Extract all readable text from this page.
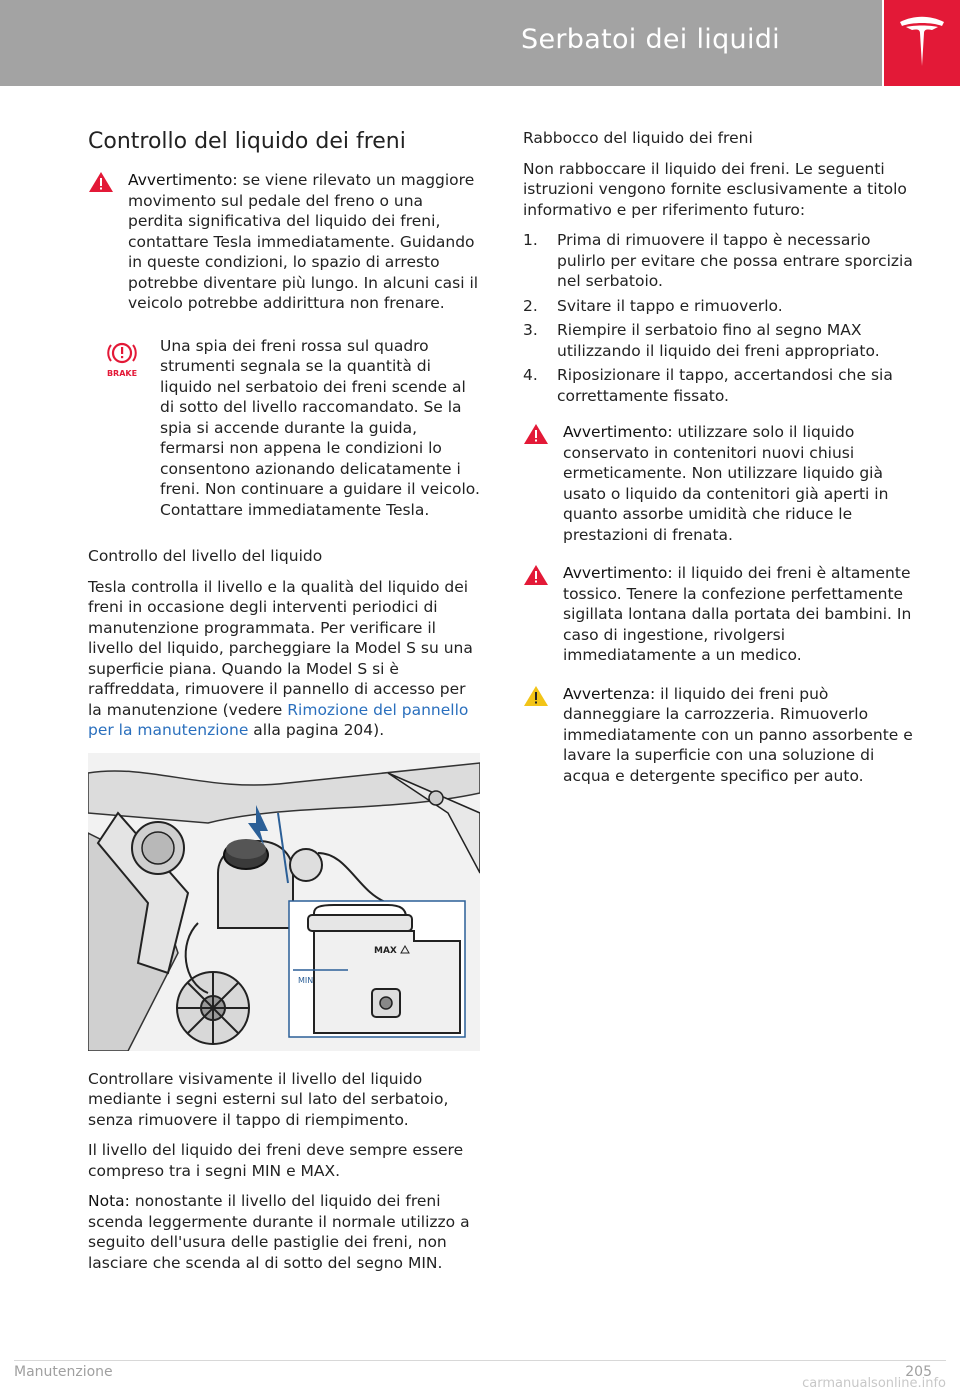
Serbatoi dei liquidi
Controllo del liquido dei freni
Avvertimento: se viene rilevato un maggiore movimento sul pedale del freno o una perdita significativa del liquido dei freni, contattare Tesla immediatamente. Guidando in queste condizioni, lo spazio di arresto potrebbe diventare più lungo. In alcuni casi il veicolo potrebbe addirittura non frenare.
BRAKE
Una spia dei freni rossa sul quadro strumenti segnala se la quantità di liquido nel serbatoio dei freni scende al di sotto del livello raccomandato. Se la spia si accende durante la guida, fermarsi non appena le condizioni lo consentono azionando delicatamente i freni. Non continuare a guidare il veicolo. Contattare immediatamente Tesla.
Controllo del livello del liquido

Tesla controlla il livello e la qualità del liquido dei freni in occasione degli interventi periodici di manutenzione programmata. Per verificare il livello del liquido, parcheggiare la Model S su una superficie piana. Quando la Model S si è raffreddata, rimuovere il pannello di accesso per la manutenzione (vedere Rimozione del pannello per la manutenzione alla pagina 204).

MAX
MIN

Controllare visivamente il livello del liquido mediante i segni esterni sul lato del serbatoio, senza rimuovere il tappo di riempimento.

Il livello del liquido dei freni deve sempre essere compreso tra i segni MIN e MAX.

Nota: nonostante il livello del liquido dei freni scenda leggermente durante il normale utilizzo a seguito dell'usura delle pastiglie dei freni, non lasciare che scenda al di sotto del segno MIN.

Rabbocco del liquido dei freni

Non rabboccare il liquido dei freni. Le seguenti istruzioni vengono fornite esclusivamente a titolo informativo e per riferimento futuro:

1. Prima di rimuovere il tappo è necessario pulirlo per evitare che possa entrare sporcizia nel serbatoio.
2. Svitare il tappo e rimuoverlo.
3. Riempire il serbatoio fino al segno MAX utilizzando il liquido dei freni appropriato.
4. Riposizionare il tappo, accertandosi che sia correttamente fissato.
Avvertimento: utilizzare solo il liquido conservato in contenitori nuovi chiusi ermeticamente. Non utilizzare liquido già usato o liquido da contenitori già aperti in quanto assorbe umidità che riduce le prestazioni di frenata.
Avvertimento: il liquido dei freni è altamente tossico. Tenere la confezione perfettamente sigillata lontana dalla portata dei bambini. In caso di ingestione, rivolgersi immediatamente a un medico.
Avvertenza: il liquido dei freni può danneggiare la carrozzeria. Rimuoverlo immediatamente con un panno assorbente e lavare la superficie con una soluzione di acqua e detergente specifico per auto.
Manutenzione	205
carmanualsonline.info
